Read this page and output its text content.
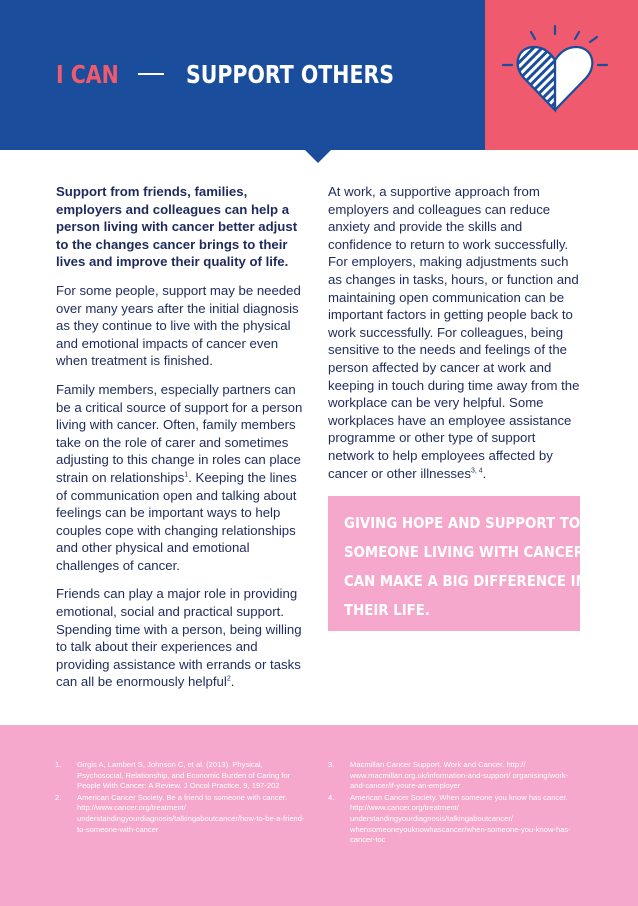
I CAN	SUPPORT OTHERS

Support from friends, families, employers and colleagues can help a person living with cancer better adjust to the changes cancer brings to their lives and improve their quality of life.

For some people, support may be needed over many years after the initial diagnosis as they continue to live with the physical and emotional impacts of cancer even when treatment is finished.

Family members, especially partners can be a critical source of support for a person living with cancer. Often, family members take on the role of carer and sometimes adjusting to this change in roles can place strain on relationships$^1$. Keeping the lines of communication open and talking about feelings can be important ways to help couples cope with changing relationships and other physical and emotional challenges of cancer.

Friends can play a major role in providing emotional, social and practical support. Spending time with a person, being willing to talk about their experiences and providing assistance with errands or tasks can all be enormously helpful$^2$.

At work, a supportive approach from employers and colleagues can reduce anxiety and provide the skills and confidence to return to work successfully. For employers, making adjustments such as changes in tasks, hours, or function and maintaining open communication can be important factors in getting people back to work successfully. For colleagues, being sensitive to the needs and feelings of the person affected by cancer at work and keeping in touch during time away from the workplace can be very helpful. Some workplaces have an employee assistance programme or other type of support network to help employees affected by cancer or other illnesses$^{3, 4}$.

GIVING HOPE AND SUPPORT TO
SOMEONE LIVING WITH CANCER
CAN MAKE A BIG DIFFERENCE IN
THEIR LIFE.
1. Girgis A, Lambert S, Johnson C, et al. (2013). Physical, Psychosocial, Relationship, and Economic Burden of Caring for People With Cancer: A Review. J Oncol Practice, 9, 197-202
2. American Cancer Society. Be a friend to someone with cancer. http://www.cancer.org/treatment/ understandingyourdiagnosis/talkingaboutcancer/how-to-be-a-friend-to-someone-with-cancer
3. Macmillan Cancer Support. Work and Cancer. http:// www.macmillan.org.uk/information-and-support/ organising/work-and-cancer/if-youre-an-employer
4. American Cancer Society. When someone you know has cancer. http://www.cancer.org/treatment/ understandingyourdiagnosis/talkingaboutcancer/ whensomeoneyouknowhascancer/when-someone-you-know-has-cancer-toc
